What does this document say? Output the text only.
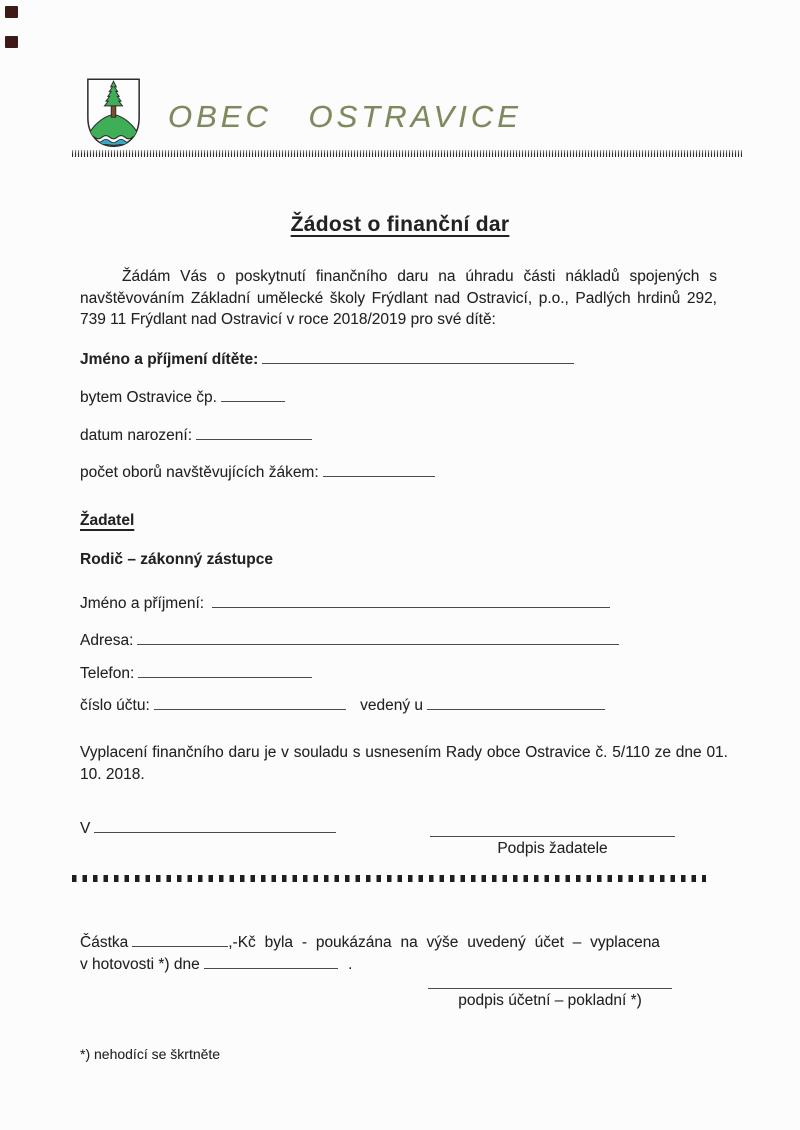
OBEC OSTRAVICE
Žádost o finanční dar
Žádám Vás o poskytnutí finančního daru na úhradu části nákladů spojených s navštěvováním Základní umělecké školy Frýdlant nad Ostravicí, p.o., Padlých hrdinů 292, 739 11 Frýdlant nad Ostravicí v roce 2018/2019 pro své dítě:
Jméno a příjmení dítěte:
bytem Ostravice čp.
datum narození:
počet oborů navštěvujících žákem:
Žadatel
Rodič – zákonný zástupce
Jméno a příjmení:
Adresa:
Telefon:
číslo účtu:	vedený u
Vyplacení finančního daru je v souladu s usnesením Rady obce Ostravice č. 5/110 ze dne 01. 10. 2018.
V
Podpis žadatele
Částka	,-Kč byla - poukázána na výše uvedený účet – vyplacena
v hotovosti *) dne	.
podpis účetní – pokladní *)
*) nehodící se škrtněte
